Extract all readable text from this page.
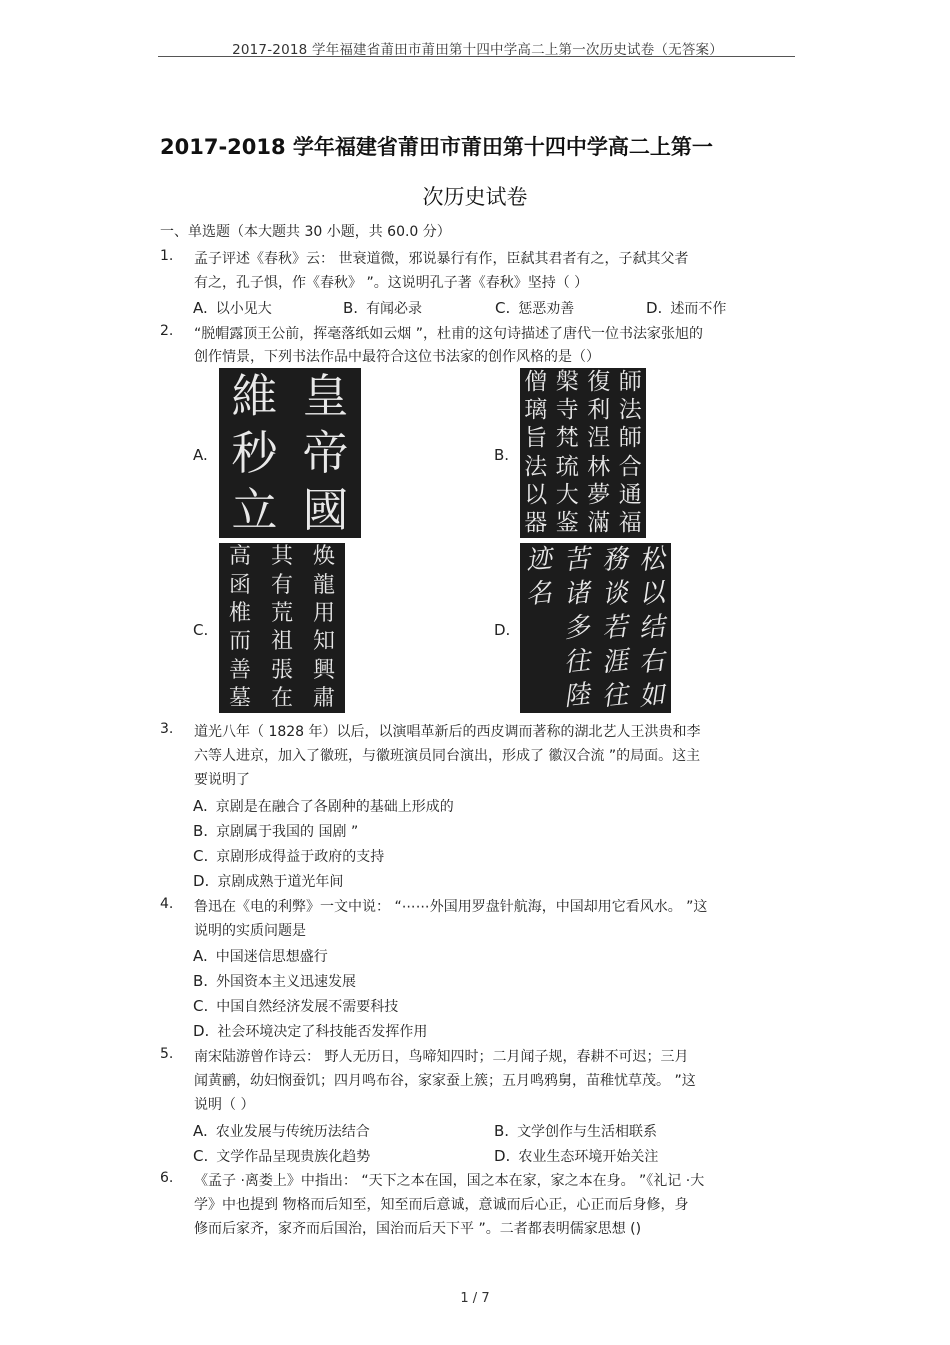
2017-2018 学年福建省莆田市莆田第十四中学高二上第一次历史试卷（无答案）
2017-2018 学年福建省莆田市莆田第十四中学高二上第一
次历史试卷
一、单选题（本大题共 30 小题，共 60.0 分）
1. 孟子评述《春秋》云： 世衰道微，邪说暴行有作，臣弑其君者有之，子弑其父者
有之，孔子惧，作《春秋》 ”。这说明孔子著《春秋》坚持（ ）
A. 以小见大	B. 有闻必录	C. 惩恶劝善	D. 述而不作
2. “脱帽露顶王公前，挥毫落纸如云烟 ”，杜甫的这句诗描述了唐代一位书法家张旭的
创作情景，下列书法作品中最符合这位书法家的创作风格的是（）
A.
皇
帝
國
維
秒
立
B.
師
法
師
合
通
福
復
利
涅
林
夢
滿
槃
寺
梵
琉
大
鉴
僧
璃
旨
法
以
器
C.
焕
龍
用
知
興
肅
其
有
荒
祖
張
在
高
函
椎
而
善
墓
D.
松
以
结
右
如
務
谈
若
涯
往
苦
诸
多
往
陸
迹
名
3. 道光八年（ 1828 年）以后，以演唱革新后的西皮调而著称的湖北艺人王洪贵和李
六等人进京，加入了徽班，与徽班演员同台演出，形成了 徽汉合流 ”的局面。这主
要说明了
A. 京剧是在融合了各剧种的基础上形成的
B. 京剧属于我国的 国剧 ”
C. 京剧形成得益于政府的支持
D. 京剧成熟于道光年间
4. 鲁迅在《电的利弊》一文中说： “⋯⋯外国用罗盘针航海，中国却用它看风水。 ”这
说明的实质问题是
A. 中国迷信思想盛行
B. 外国资本主义迅速发展
C. 中国自然经济发展不需要科技
D. 社会环境决定了科技能否发挥作用
5. 南宋陆游曾作诗云： 野人无历日，鸟啼知四时；二月闻子规，春耕不可迟；三月
闻黄鹂，幼妇悯蚕饥；四月鸣布谷，家家蚕上簇；五月鸣鸦舅，苗稚忧草茂。 ”这
说明（ ）
A. 农业发展与传统历法结合	B. 文学创作与生活相联系
C. 文学作品呈现贵族化趋势	D. 农业生态环境开始关注
6. 《孟子 ·离娄上》中指出： “天下之本在国，国之本在家，家之本在身。 ”《礼记 ·大
学》中也提到 物格而后知至，知至而后意诚，意诚而后心正，心正而后身修，身
修而后家齐，家齐而后国治，国治而后天下平 ”。二者都表明儒家思想 ()
1 / 7
